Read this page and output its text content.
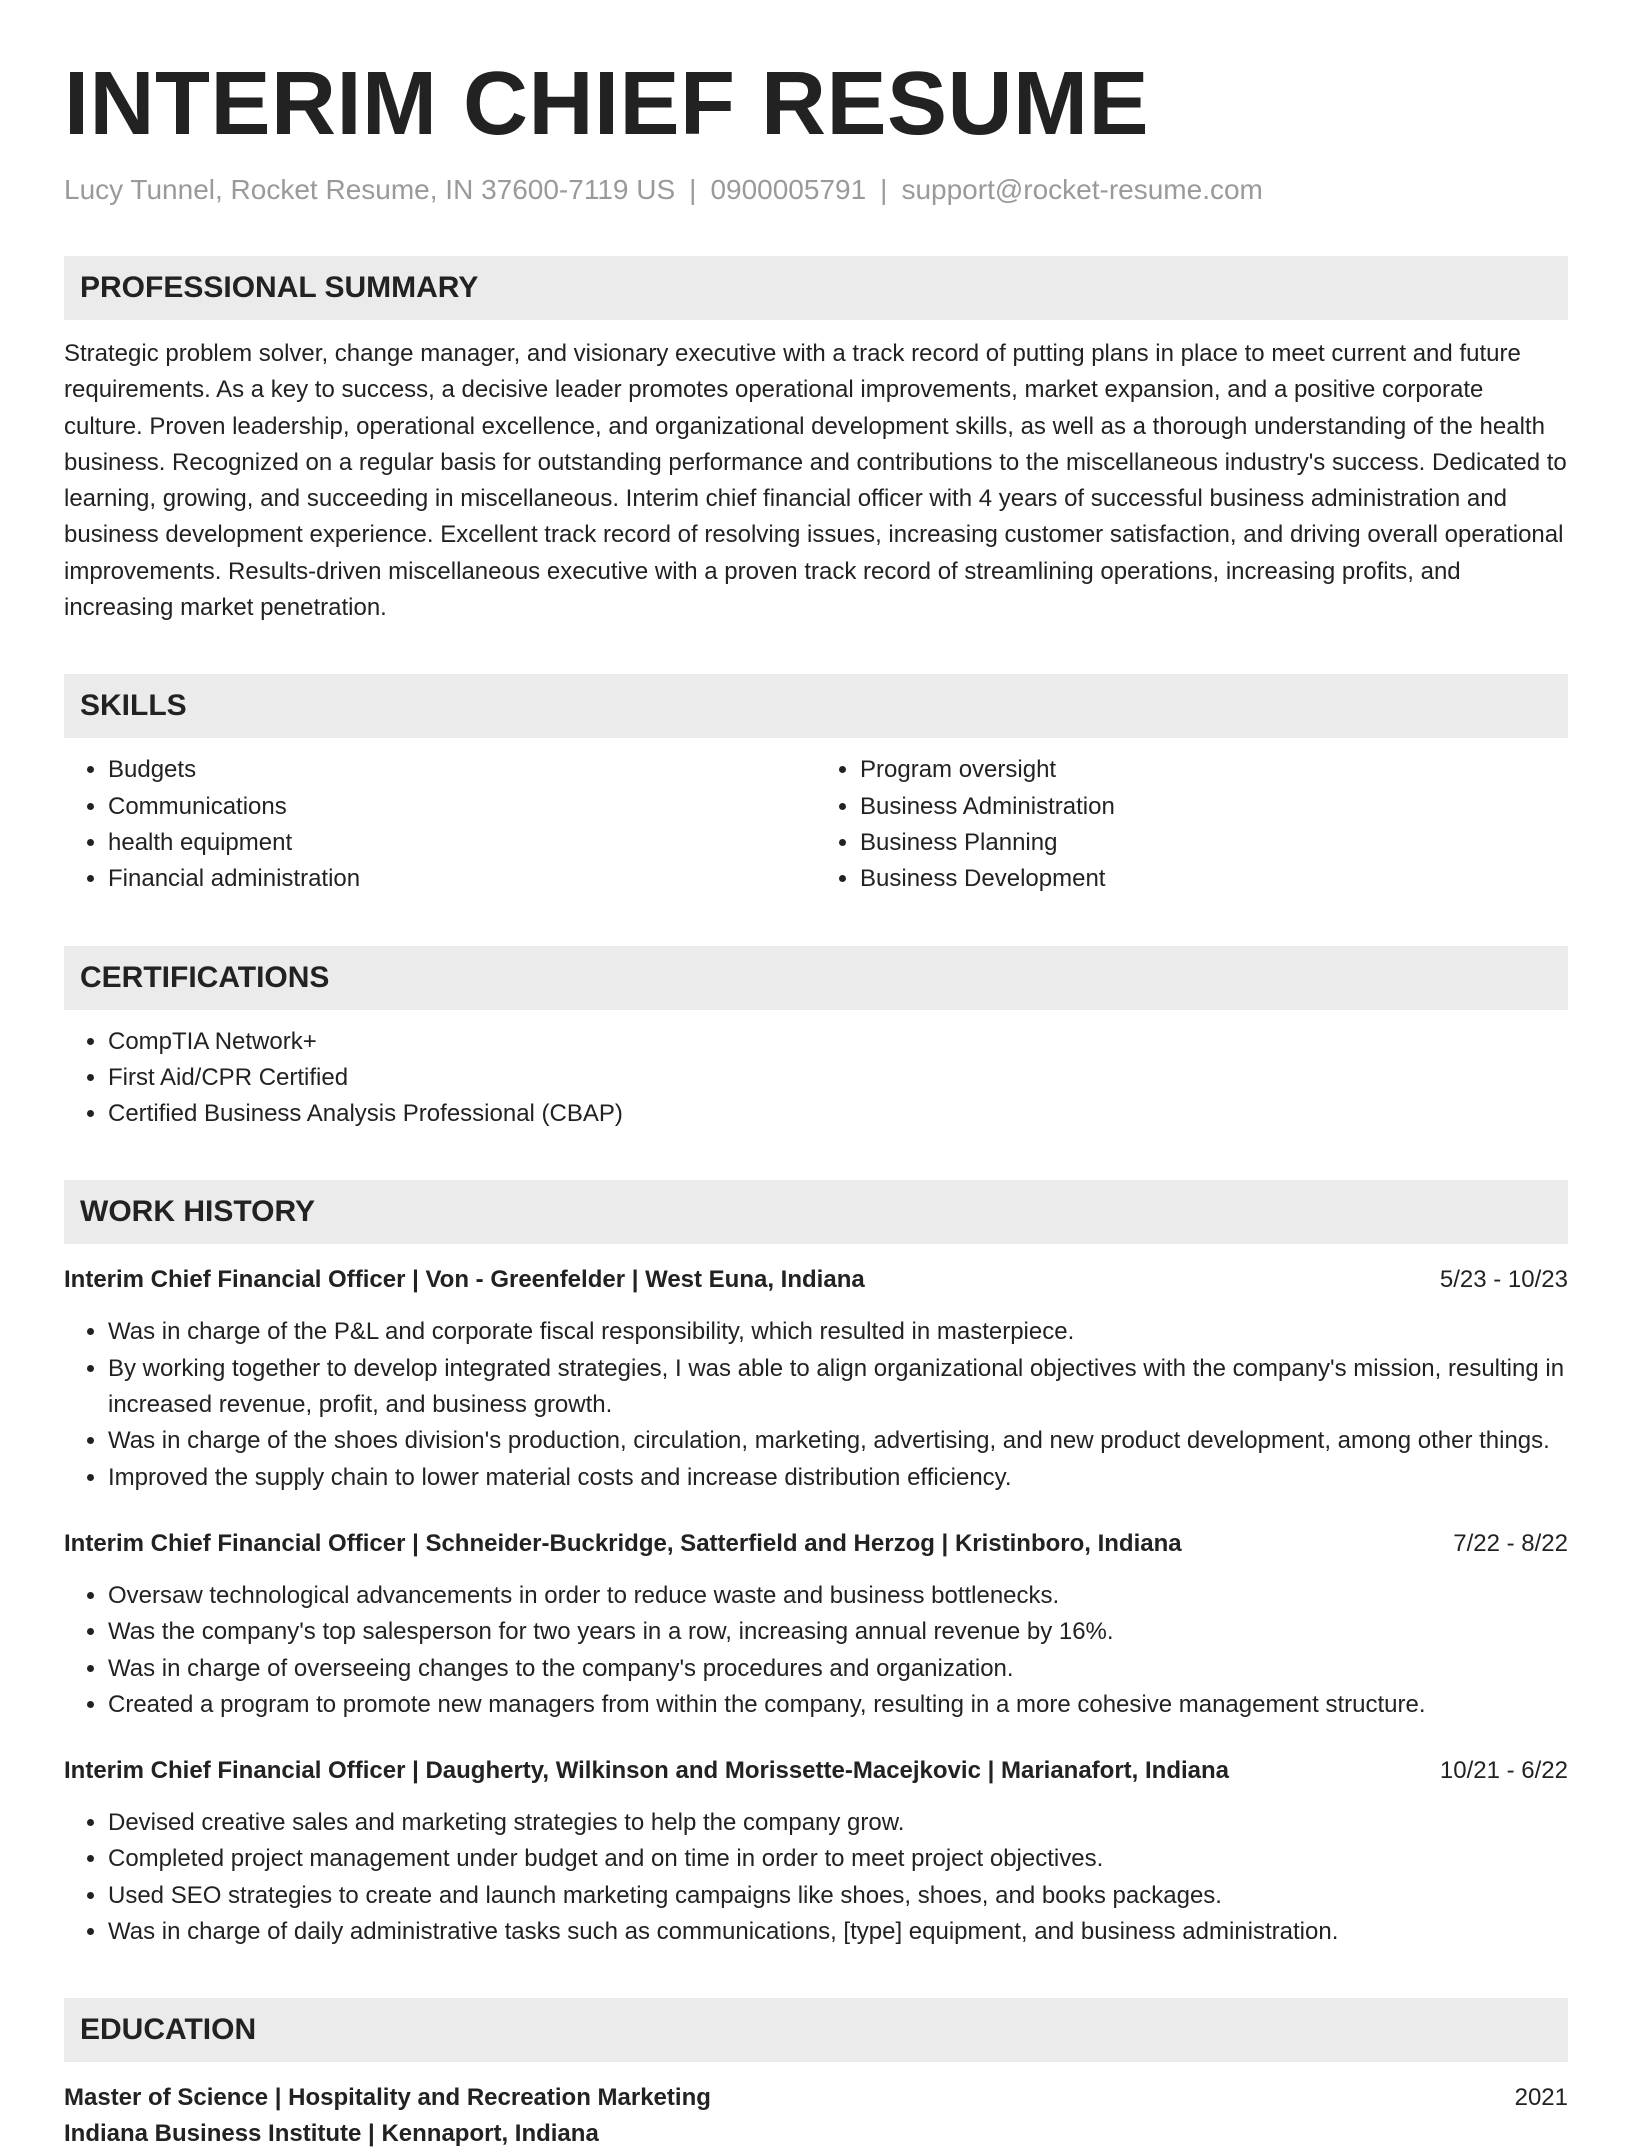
INTERIM CHIEF RESUME
Lucy Tunnel, Rocket Resume, IN 37600-7119 US | 0900005791 | support@rocket-resume.com
PROFESSIONAL SUMMARY
Strategic problem solver, change manager, and visionary executive with a track record of putting plans in place to meet current and future requirements. As a key to success, a decisive leader promotes operational improvements, market expansion, and a positive corporate culture. Proven leadership, operational excellence, and organizational development skills, as well as a thorough understanding of the health business. Recognized on a regular basis for outstanding performance and contributions to the miscellaneous industry's success. Dedicated to learning, growing, and succeeding in miscellaneous. Interim chief financial officer with 4 years of successful business administration and business development experience. Excellent track record of resolving issues, increasing customer satisfaction, and driving overall operational improvements. Results-driven miscellaneous executive with a proven track record of streamlining operations, increasing profits, and increasing market penetration.
SKILLS
• Budgets
• Communications
• health equipment
• Financial administration
• Program oversight
• Business Administration
• Business Planning
• Business Development
CERTIFICATIONS
• CompTIA Network+
• First Aid/CPR Certified
• Certified Business Analysis Professional (CBAP)
WORK HISTORY
Interim Chief Financial Officer | Von - Greenfelder | West Euna, Indiana	5/23 - 10/23
• Was in charge of the P&L and corporate fiscal responsibility, which resulted in masterpiece.
• By working together to develop integrated strategies, I was able to align organizational objectives with the company's mission, resulting in increased revenue, profit, and business growth.
• Was in charge of the shoes division's production, circulation, marketing, advertising, and new product development, among other things.
• Improved the supply chain to lower material costs and increase distribution efficiency.
Interim Chief Financial Officer | Schneider-Buckridge, Satterfield and Herzog | Kristinboro, Indiana	7/22 - 8/22
• Oversaw technological advancements in order to reduce waste and business bottlenecks.
• Was the company's top salesperson for two years in a row, increasing annual revenue by 16%.
• Was in charge of overseeing changes to the company's procedures and organization.
• Created a program to promote new managers from within the company, resulting in a more cohesive management structure.
Interim Chief Financial Officer | Daugherty, Wilkinson and Morissette-Macejkovic | Marianafort, Indiana	10/21 - 6/22
• Devised creative sales and marketing strategies to help the company grow.
• Completed project management under budget and on time in order to meet project objectives.
• Used SEO strategies to create and launch marketing campaigns like shoes, shoes, and books packages.
• Was in charge of daily administrative tasks such as communications, [type] equipment, and business administration.
EDUCATION
Master of Science | Hospitality and Recreation Marketing	2021
Indiana Business Institute | Kennaport, Indiana
